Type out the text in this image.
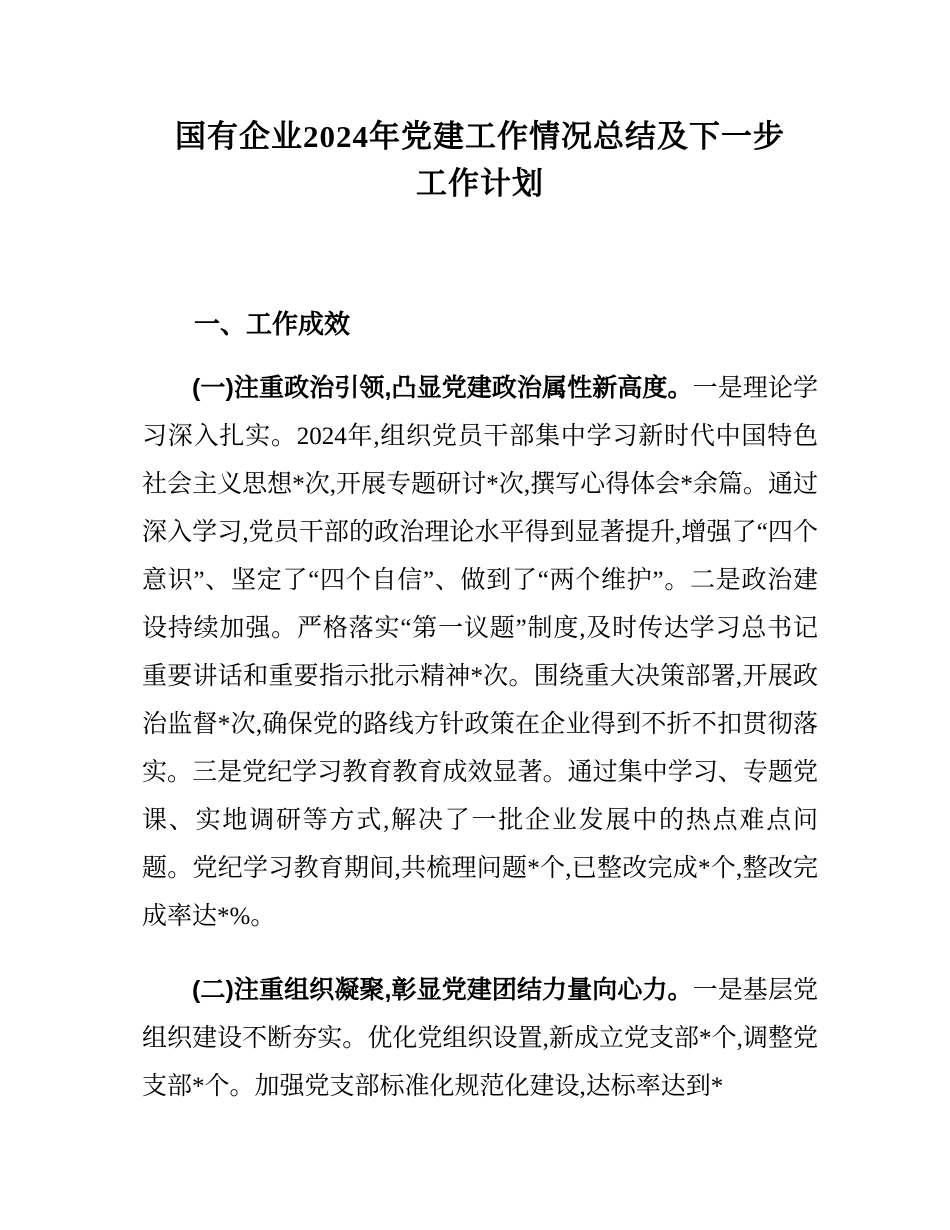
国有企业2024年党建工作情况总结及下一步
工作计划
一、工作成效

(一)注重政治引领,凸显党建政治属性新高度。一是理论学习深入扎实。2024年,组织党员干部集中学习新时代中国特色社会主义思想*次,开展专题研讨*次,撰写心得体会*余篇。通过深入学习,党员干部的政治理论水平得到显著提升,增强了“四个意识”、坚定了“四个自信”、做到了“两个维护”。二是政治建设持续加强。严格落实“第一议题”制度,及时传达学习总书记重要讲话和重要指示批示精神*次。围绕重大决策部署,开展政治监督*次,确保党的路线方针政策在企业得到不折不扣贯彻落实。三是党纪学习教育教育成效显著。通过集中学习、专题党课、实地调研等方式,解决了一批企业发展中的热点难点问题。党纪学习教育期间,共梳理问题*个,已整改完成*个,整改完成率达*%。

(二)注重组织凝聚,彰显党建团结力量向心力。一是基层党组织建设不断夯实。优化党组织设置,新成立党支部*个,调整党支部*个。加强党支部标准化规范化建设,达标率达到*
